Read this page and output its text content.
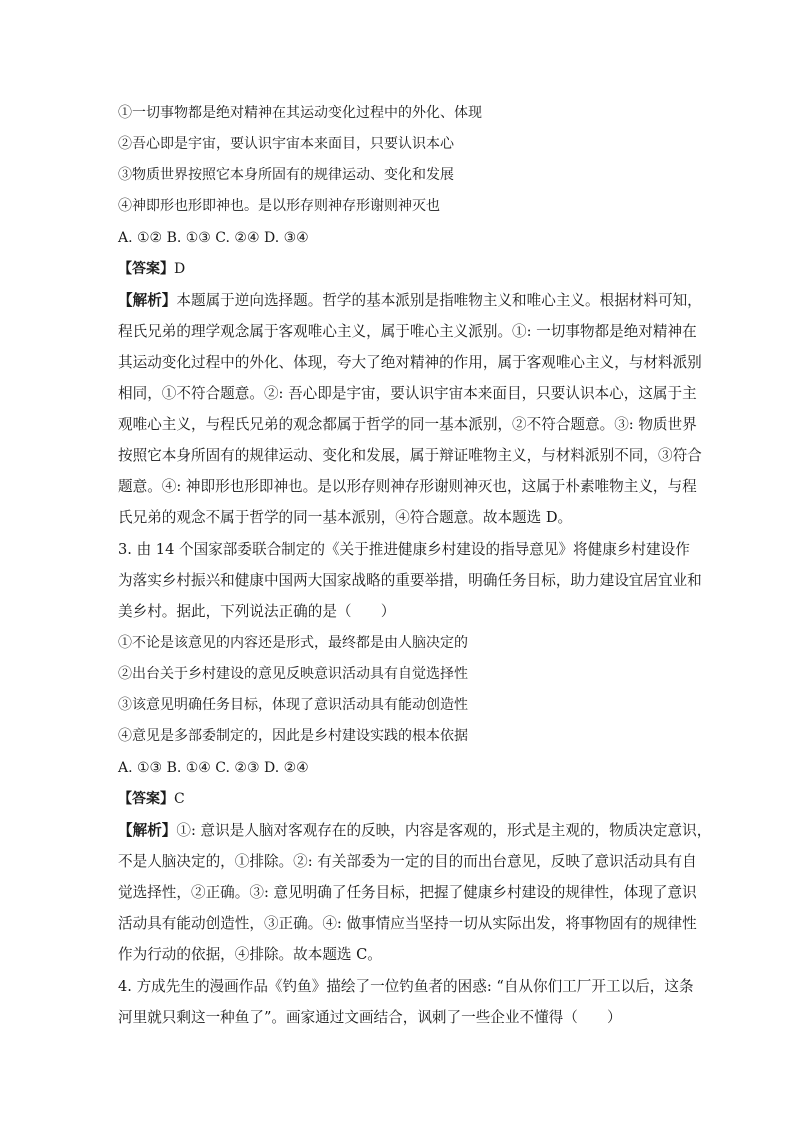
①一切事物都是绝对精神在其运动变化过程中的外化、体现
②吾心即是宇宙，要认识宇宙本来面目，只要认识本心
③物质世界按照它本身所固有的规律运动、变化和发展
④神即形也形即神也。是以形存则神存形谢则神灭也
A. ①② B. ①③ C. ②④ D. ③④
【答案】D
【解析】本题属于逆向选择题。哲学的基本派别是指唯物主义和唯心主义。根据材料可知，
程氏兄弟的理学观念属于客观唯心主义，属于唯心主义派别。①: 一切事物都是绝对精神在
其运动变化过程中的外化、体现，夸大了绝对精神的作用，属于客观唯心主义，与材料派别
相同，①不符合题意。②: 吾心即是宇宙，要认识宇宙本来面目，只要认识本心，这属于主
观唯心主义，与程氏兄弟的观念都属于哲学的同一基本派别，②不符合题意。③: 物质世界
按照它本身所固有的规律运动、变化和发展，属于辩证唯物主义，与材料派别不同，③符合
题意。④: 神即形也形即神也。是以形存则神存形谢则神灭也，这属于朴素唯物主义，与程
氏兄弟的观念不属于哲学的同一基本派别，④符合题意。故本题选 D。
3. 由 14 个国家部委联合制定的《关于推进健康乡村建设的指导意见》将健康乡村建设作
为落实乡村振兴和健康中国两大国家战略的重要举措，明确任务目标，助力建设宜居宜业和
美乡村。据此，下列说法正确的是（　　）
①不论是该意见的内容还是形式，最终都是由人脑决定的
②出台关于乡村建设的意见反映意识活动具有自觉选择性
③该意见明确任务目标，体现了意识活动具有能动创造性
④意见是多部委制定的，因此是乡村建设实践的根本依据
A. ①③ B. ①④ C. ②③ D. ②④
【答案】C
【解析】①: 意识是人脑对客观存在的反映，内容是客观的，形式是主观的，物质决定意识，
不是人脑决定的，①排除。②: 有关部委为一定的目的而出台意见，反映了意识活动具有自
觉选择性，②正确。③: 意见明确了任务目标，把握了健康乡村建设的规律性，体现了意识
活动具有能动创造性，③正确。④: 做事情应当坚持一切从实际出发，将事物固有的规律性
作为行动的依据，④排除。故本题选 C。
4. 方成先生的漫画作品《钓鱼》描绘了一位钓鱼者的困惑: “自从你们工厂开工以后，这条
河里就只剩这一种鱼了”。画家通过文画结合，讽刺了一些企业不懂得（　　）
